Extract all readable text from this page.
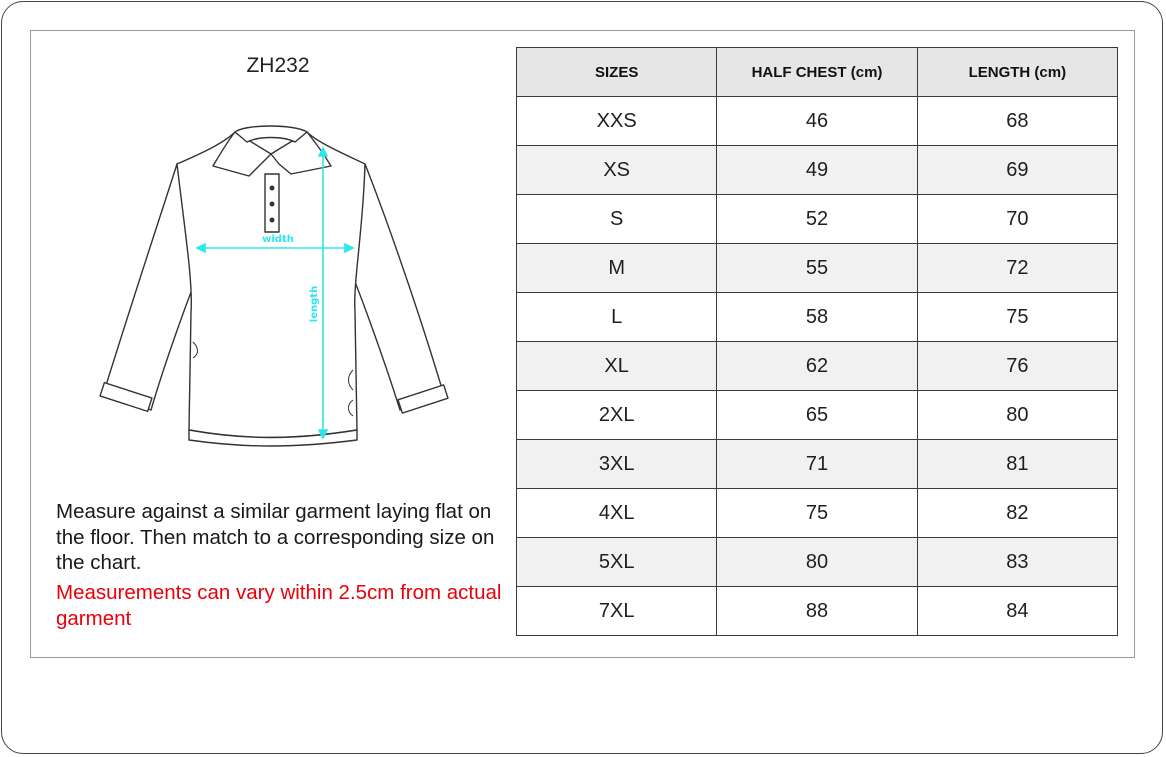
ZH232
width
length
Measure against a similar garment laying flat on the floor. Then match to a corresponding size on the chart.
Measurements can vary within 2.5cm from actual garment
SIZES	HALF CHEST (cm)	LENGTH (cm)
XXS	46	68
XS	49	69
S	52	70
M	55	72
L	58	75
XL	62	76
2XL	65	80
3XL	71	81
4XL	75	82
5XL	80	83
7XL	88	84
